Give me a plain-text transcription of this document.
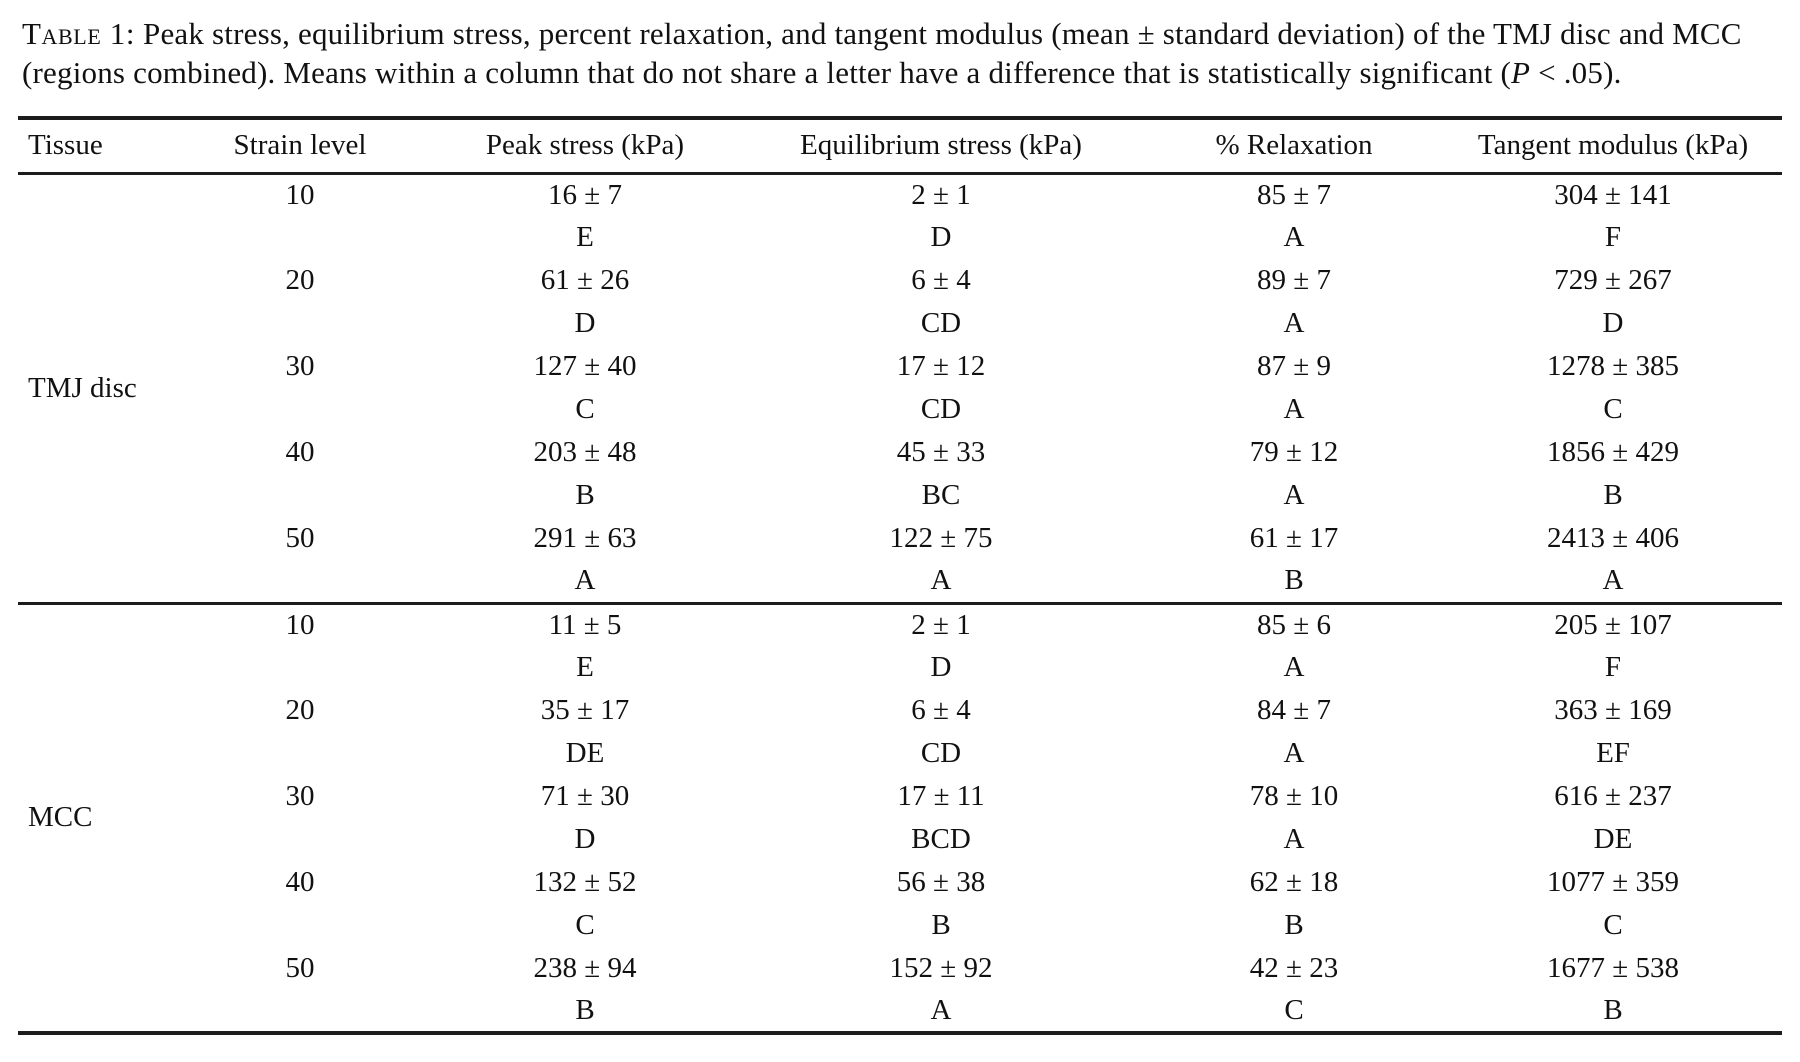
Table 1: Peak stress, equilibrium stress, percent relaxation, and tangent modulus (mean ± standard deviation) of the TMJ disc and MCC (regions combined). Means within a column that do not share a letter have a difference that is statistically significant (P < .05).
Tissue	Strain level	Peak stress (kPa)	Equilibrium stress (kPa)	% Relaxation	Tangent modulus (kPa)
TMJ disc	10	16 ± 7	2 ± 1	85 ± 7	304 ± 141
		E	D	A	F
	20	61 ± 26	6 ± 4	89 ± 7	729 ± 267
		D	CD	A	D
	30	127 ± 40	17 ± 12	87 ± 9	1278 ± 385
		C	CD	A	C
	40	203 ± 48	45 ± 33	79 ± 12	1856 ± 429
		B	BC	A	B
	50	291 ± 63	122 ± 75	61 ± 17	2413 ± 406
		A	A	B	A
MCC	10	11 ± 5	2 ± 1	85 ± 6	205 ± 107
		E	D	A	F
	20	35 ± 17	6 ± 4	84 ± 7	363 ± 169
		DE	CD	A	EF
	30	71 ± 30	17 ± 11	78 ± 10	616 ± 237
		D	BCD	A	DE
	40	132 ± 52	56 ± 38	62 ± 18	1077 ± 359
		C	B	B	C
	50	238 ± 94	152 ± 92	42 ± 23	1677 ± 538
		B	A	C	B
